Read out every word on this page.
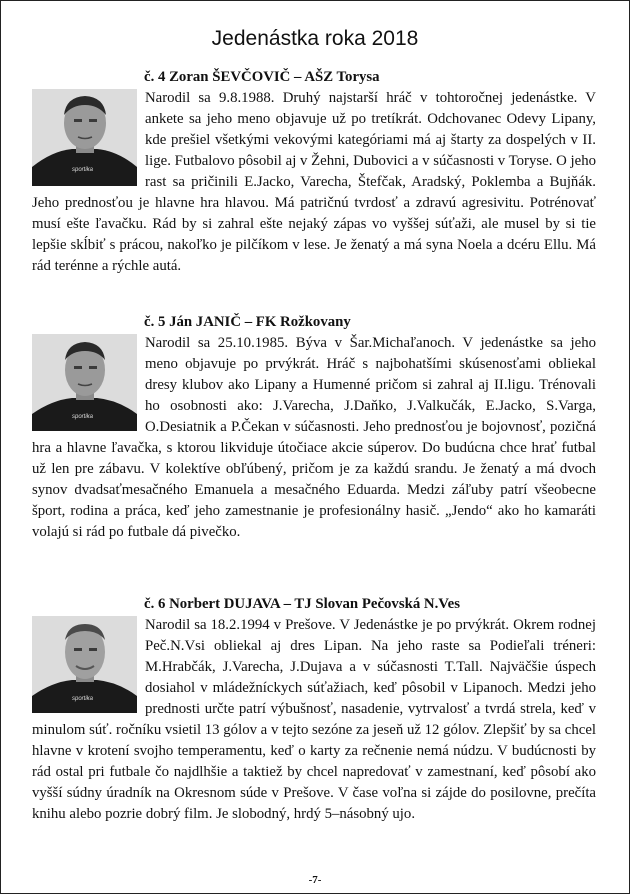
Jedenástka roka 2018

č. 4 Zoran ŠEVČOVIČ – AŠZ Torysa

sportika

Narodil sa 9.8.1988. Druhý najstarší hráč v tohtoročnej jedenástke. V ankete sa jeho meno objavuje už po tretíkrát. Odchovanec Odevy Lipany, kde prešiel všetkými vekovými kategóriami má aj štarty za dospelých v II. lige. Futbalovo pôsobil aj v Žehni, Dubovici a v súčasnosti v Toryse. O jeho rast sa pričinili E.Jacko, Varecha, Štefčak, Aradský, Poklemba a Bujňák. Jeho prednosťou je hlavne hra hlavou. Má patričnú tvrdosť a zdravú agresivitu. Potrénovať musí ešte ľavačku. Rád by si zahral ešte nejaký zápas vo vyššej súťaži, ale musel by si tie lepšie skĺbiť s prácou, nakoľko je pilčíkom v lese. Je ženatý a má syna Noela a dcéru Ellu. Má rád terénne a rýchle autá.

č. 5 Ján JANIČ – FK Rožkovany

sportika

Narodil sa 25.10.1985. Býva v Šar.Michaľanoch. V jedenástke sa jeho meno objavuje po prvýkrát. Hráč s najbohatšími skúsenosťami obliekal dresy klubov ako Lipany a Humenné pričom si zahral aj II.ligu. Trénovali ho osobnosti ako: J.Varecha, J.Daňko, J.Valkučák, E.Jacko, S.Varga, O.Desiatnik a P.Čekan v súčasnosti. Jeho prednosťou je bojovnosť, pozičná hra a hlavne ľavačka, s ktorou likviduje útočiace akcie súperov. Do budúcna chce hrať futbal už len pre zábavu. V kolektíve obľúbený, pričom je za každú srandu. Je ženatý a má dvoch synov dvadsaťmesačného Emanuela a mesačného Eduarda. Medzi záľuby patrí všeobecne šport, rodina a práca, keď jeho zamestnanie je profesionálny hasič. „Jendo“ ako ho kamaráti volajú si rád po futbale dá pivečko.

č. 6 Norbert DUJAVA – TJ Slovan Pečovská N.Ves

sportika

Narodil sa 18.2.1994 v Prešove. V Jedenástke je po prvýkrát. Okrem rodnej Peč.N.Vsi obliekal aj dres Lipan. Na jeho raste sa Podieľali tréneri: M.Hrabčák, J.Varecha, J.Dujava a v súčasnosti T.Tall. Najväčšie úspech dosiahol v mládežníckych súťažiach, keď pôsobil v Lipanoch. Medzi jeho prednosti určte patrí výbušnosť, nasadenie, vytrvalosť a tvrdá strela, keď v minulom súť. ročníku vsietil 13 gólov a v tejto sezóne za jeseň už 12 gólov. Zlepšiť by sa chcel hlavne v krotení svojho temperamentu, keď o karty za rečnenie nemá núdzu. V budúcnosti by rád ostal pri futbale čo najdlhšie a taktiež by chcel napredovať v zamestnaní, keď pôsobí ako vyšší súdny úradník na Okresnom súde v Prešove. V čase voľna si zájde do posilovne, prečíta knihu alebo pozrie dobrý film. Je slobodný, hrdý 5–násobný ujo.

-7-
